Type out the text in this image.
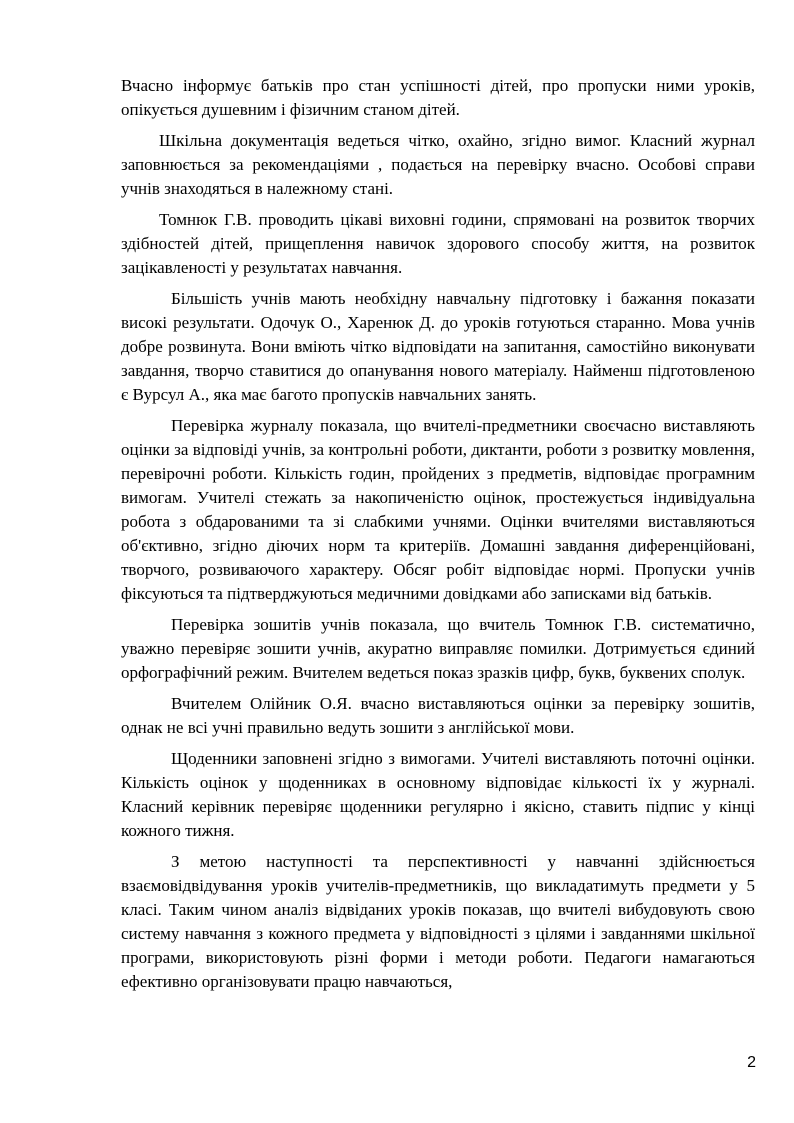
Вчасно інформує батьків про стан успішності дітей, про пропуски ними уроків, опікується душевним і фізичним станом дітей.

Шкільна документація ведеться чітко, охайно, згідно вимог. Класний журнал заповнюється за рекомендаціями , подається на перевірку вчасно. Особові справи учнів знаходяться в належному стані.

Томнюк Г.В. проводить цікаві виховні години, спрямовані на розвиток творчих здібностей дітей, прищеплення навичок здорового способу життя, на розвиток зацікавленості у результатах навчання.

Більшість учнів мають необхідну навчальну підготовку і бажання показати високі результати. Одочук О., Харенюк Д. до уроків готуються старанно. Мова учнів добре розвинута. Вони вміють чітко відповідати на запитання, самостійно виконувати завдання, творчо ставитися до опанування нового матеріалу. Найменш підготовленою є Вурсул А., яка має багото пропусків навчальних занять.

Перевірка журналу показала, що вчителі-предметники своєчасно виставляють оцінки за відповіді учнів, за контрольні роботи, диктанти, роботи з розвитку мовлення, перевірочні роботи. Кількість годин, пройдених з предметів, відповідає програмним вимогам. Учителі стежать за накопиченістю оцінок, простежується індивідуальна робота з обдарованими та зі слабкими учнями. Оцінки вчителями виставляються об'єктивно, згідно діючих норм та критеріїв. Домашні завдання диференційовані, творчого, розвиваючого характеру. Обсяг робіт відповідає нормі. Пропуски учнів фіксуються та підтверджуються медичними довідками або записками від батьків.

Перевірка зошитів учнів показала, що вчитель Томнюк Г.В. систематично, уважно перевіряє зошити учнів, акуратно виправляє помилки. Дотримується єдиний орфографічний режим. Вчителем ведеться показ зразків цифр, букв, буквених сполук.

Вчителем Олійник О.Я. вчасно виставляються оцінки за перевірку зошитів, однак не всі учні правильно ведуть зошити з англійської мови.

Щоденники заповнені згідно з вимогами. Учителі виставляють поточні оцінки. Кількість оцінок у щоденниках в основному відповідає кількості їх у журналі. Класний керівник перевіряє щоденники регулярно і якісно, ставить підпис у кінці кожного тижня.

З метою наступності та перспективності у навчанні здійснюється взаємовідвідування уроків учителів-предметників, що викладатимуть предмети у 5 класі. Таким чином аналіз відвіданих уроків показав, що вчителі вибудовують свою систему навчання з кожного предмета у відповідності з цілями і завданнями шкільної програми, використовують різні форми і методи роботи. Педагоги намагаються ефективно організовувати працю навчаються,

2
